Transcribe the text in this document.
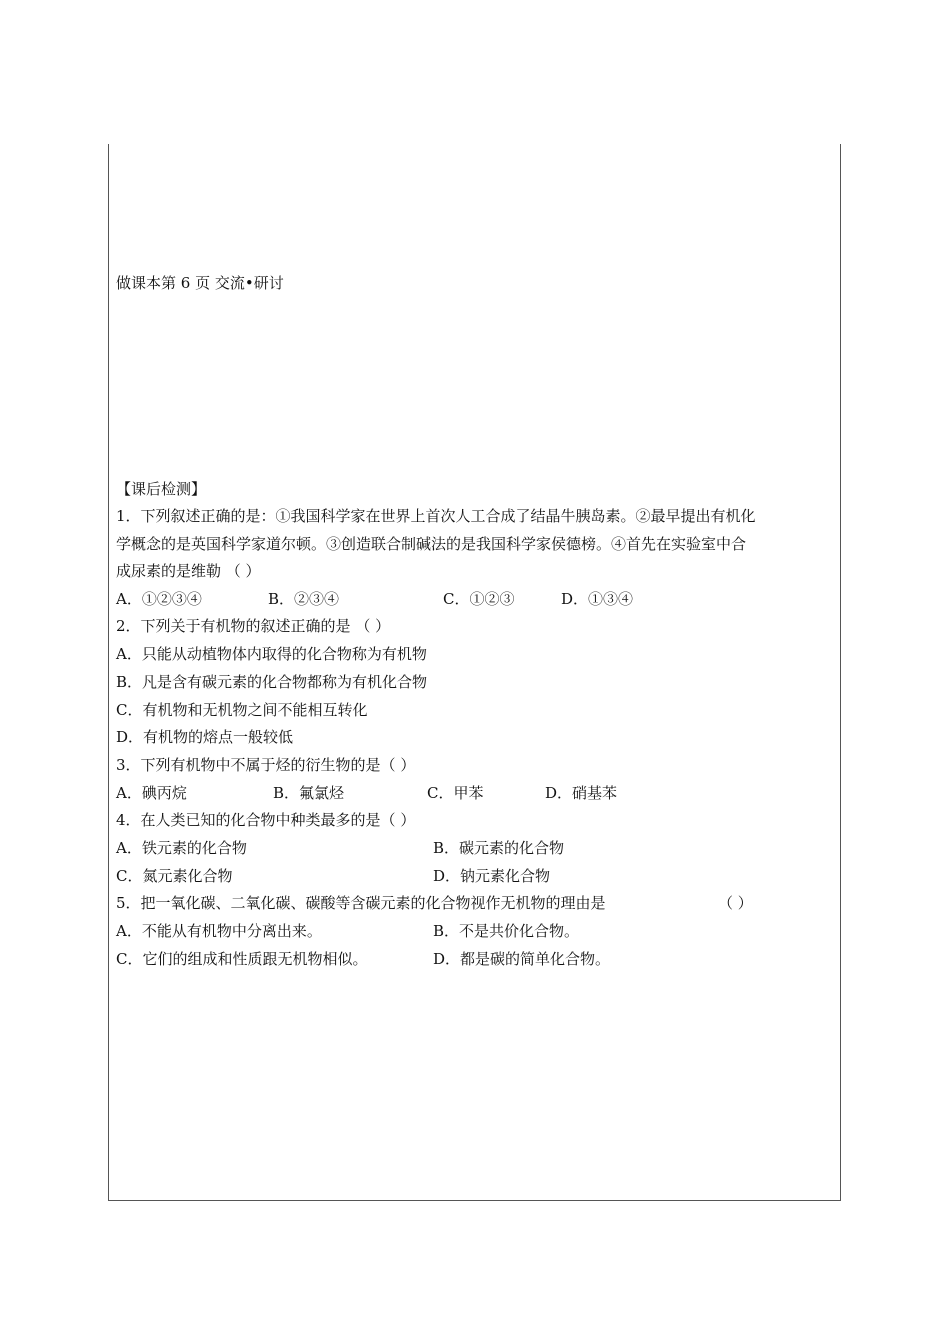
做课本第 6 页 交流•研讨
【课后检测】
1．下列叙述正确的是：①我国科学家在世界上首次人工合成了结晶牛胰岛素。②最早提出有机化
学概念的是英国科学家道尔顿。③创造联合制碱法的是我国科学家侯德榜。④首先在实验室中合
成尿素的是维勒 （ ）
A．①②③④	B．②③④	C．①②③	D．①③④
2．下列关于有机物的叙述正确的是 （ ）
A．只能从动植物体内取得的化合物称为有机物
B．凡是含有碳元素的化合物都称为有机化合物
C．有机物和无机物之间不能相互转化
D．有机物的熔点一般较低
3．下列有机物中不属于烃的衍生物的是（ ）
A．碘丙烷	B．氟氯烃	C．甲苯	D．硝基苯
4．在人类已知的化合物中种类最多的是（ ）
A．铁元素的化合物	B．碳元素的化合物
C．氮元素化合物	D．钠元素化合物
5．把一氧化碳、二氧化碳、碳酸等含碳元素的化合物视作无机物的理由是	（ ）
A．不能从有机物中分离出来。	B．不是共价化合物。
C．它们的组成和性质跟无机物相似。	D．都是碳的简单化合物。
